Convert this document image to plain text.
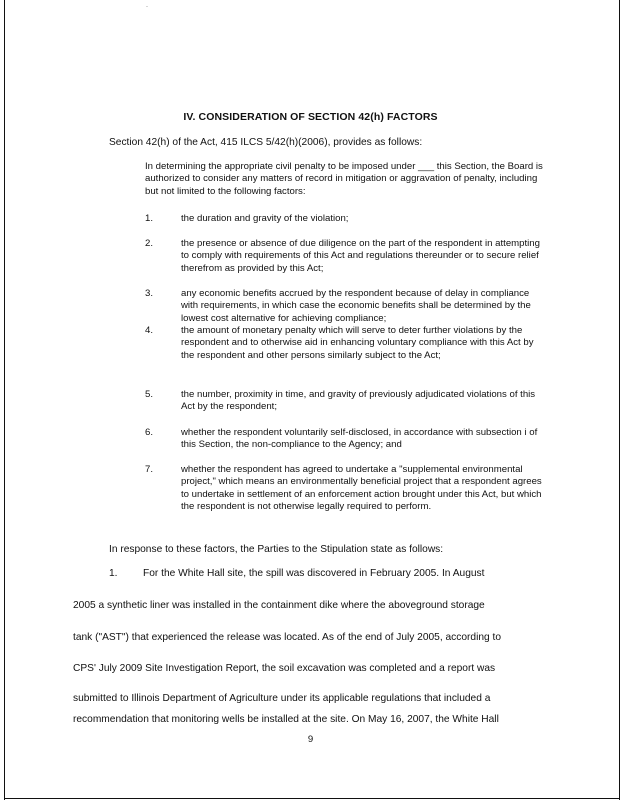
·
IV. CONSIDERATION OF SECTION 42(h) FACTORS
Section 42(h) of the Act, 415 ILCS 5/42(h)(2006), provides as follows:
In determining the appropriate civil penalty to be imposed under ___ this Section, the Board is authorized to consider any matters of record in mitigation or aggravation of penalty, including but not limited to the following factors:
1.	the duration and gravity of the violation;
2.	the presence or absence of due diligence on the part of the respondent in attempting to comply with requirements of this Act and regulations thereunder or to secure relief therefrom as provided by this Act;
3.	any economic benefits accrued by the respondent because of delay in compliance with requirements, in which case the economic benefits shall be determined by the lowest cost alternative for achieving compliance;
4.	the amount of monetary penalty which will serve to deter further violations by the respondent and to otherwise aid in enhancing voluntary compliance with this Act by the respondent and other persons similarly subject to the Act;
5.	the number, proximity in time, and gravity of previously adjudicated violations of this Act by the respondent;
6.	whether the respondent voluntarily self-disclosed, in accordance with subsection i of this Section, the non-compliance to the Agency; and
7.	whether the respondent has agreed to undertake a "supplemental environmental project," which means an environmentally beneficial project that a respondent agrees to undertake in settlement of an enforcement action brought under this Act, but which the respondent is not otherwise legally required to perform.
In response to these factors, the Parties to the Stipulation state as follows:
1.	For the White Hall site, the spill was discovered in February 2005. In August
2005 a synthetic liner was installed in the containment dike where the aboveground storage
tank ("AST") that experienced the release was located. As of the end of July 2005, according to
CPS' July 2009 Site Investigation Report, the soil excavation was completed and a report was
submitted to Illinois Department of Agriculture under its applicable regulations that included a
recommendation that monitoring wells be installed at the site. On May 16, 2007, the White Hall
9
